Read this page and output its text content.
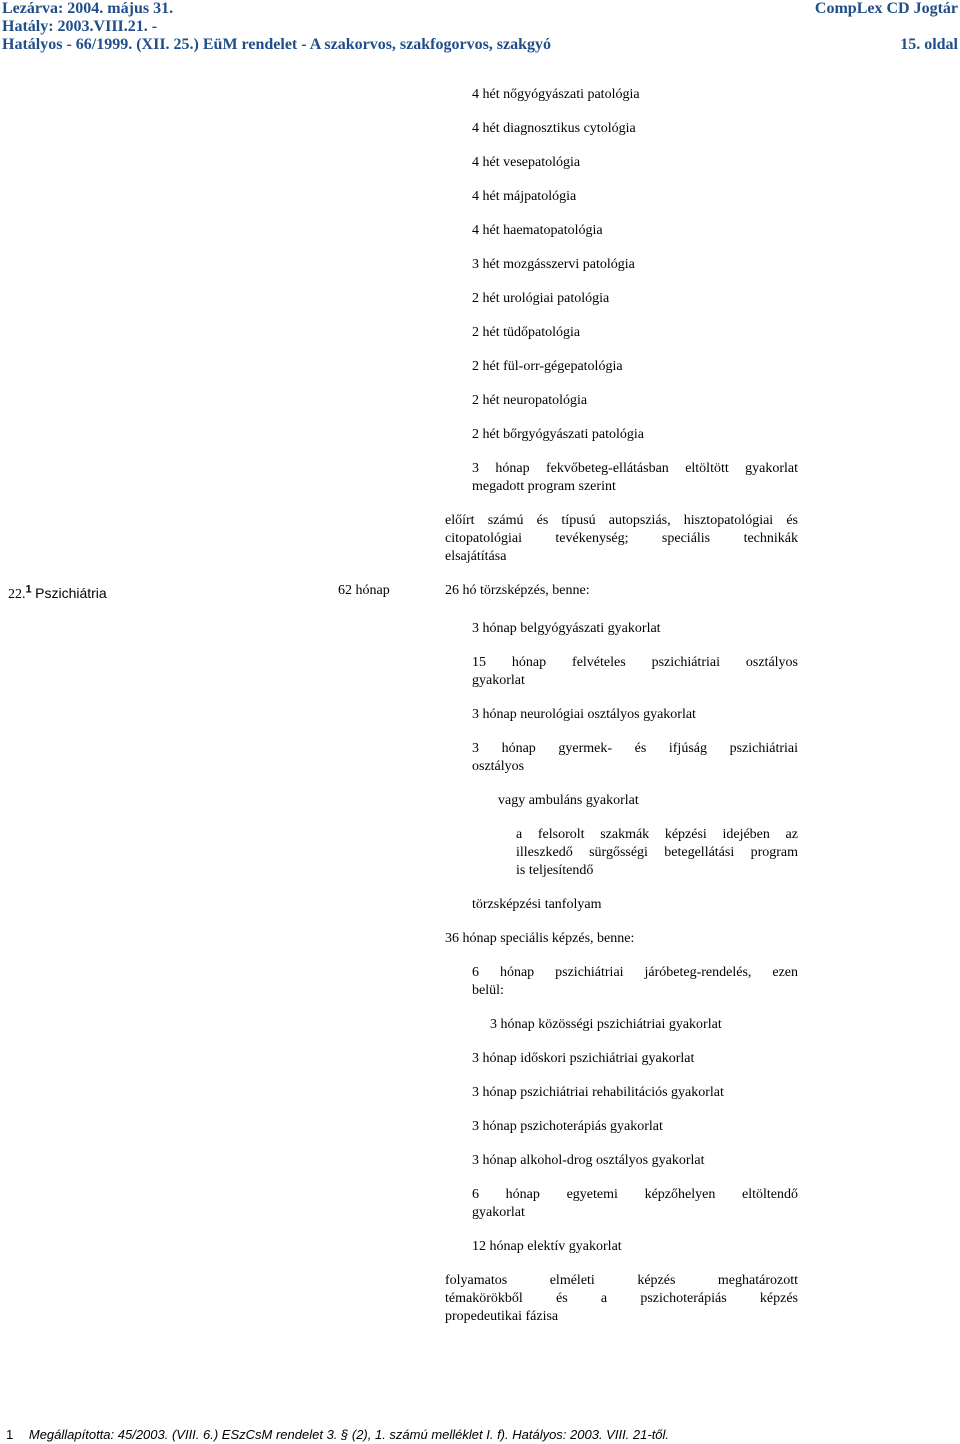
Lezárva: 2004. május 31.
Hatály: 2003.VIII.21. -
Hatályos - 66/1999. (XII. 25.) EüM rendelet - A szakorvos, szakfogorvos, szakgyó
CompLex CD Jogtár
15. oldal
4 hét nőgyógyászati patológia
4 hét diagnosztikus cytológia
4 hét vesepatológia
4 hét májpatológia
4 hét haematopatológia
3 hét mozgásszervi patológia
2 hét urológiai patológia
2 hét tüdőpatológia
2 hét fül-orr-gégepatológia
2 hét neuropatológia
2 hét bőrgyógyászati patológia
3 hónap fekvőbeteg-ellátásban eltöltött gyakorlat
megadott program szerint
előírt számú és típusú autopsziás, hisztopatológiai és
citopatológiai tevékenység; speciális technikák
elsajátítása
22.$^1$ Pszichiátria	62 hónap	26 hó törzsképzés, benne:
3 hónap belgyógyászati gyakorlat
15 hónap felvételes pszichiátriai osztályos
gyakorlat
3 hónap neurológiai osztályos gyakorlat
3 hónap gyermek- és ifjúság pszichiátriai
osztályos
vagy ambuláns gyakorlat
a felsorolt szakmák képzési idejében az
illeszkedő sürgősségi betegellátási program
is teljesítendő
törzsképzési tanfolyam
36 hónap speciális képzés, benne:
6 hónap pszichiátriai járóbeteg-rendelés, ezen
belül:
3 hónap közösségi pszichiátriai gyakorlat
3 hónap időskori pszichiátriai gyakorlat
3 hónap pszichiátriai rehabilitációs gyakorlat
3 hónap pszichoterápiás gyakorlat
3 hónap alkohol-drog osztályos gyakorlat
6 hónap egyetemi képzőhelyen eltöltendő
gyakorlat
12 hónap elektív gyakorlat
folyamatos elméleti képzés meghatározott
témakörökből és a pszichoterápiás képzés
propedeutikai fázisa
1 Megállapította: 45/2003. (VIII. 6.) ESzCsM rendelet 3. § (2), 1. számú melléklet I. f). Hatályos: 2003. VIII. 21-től.
